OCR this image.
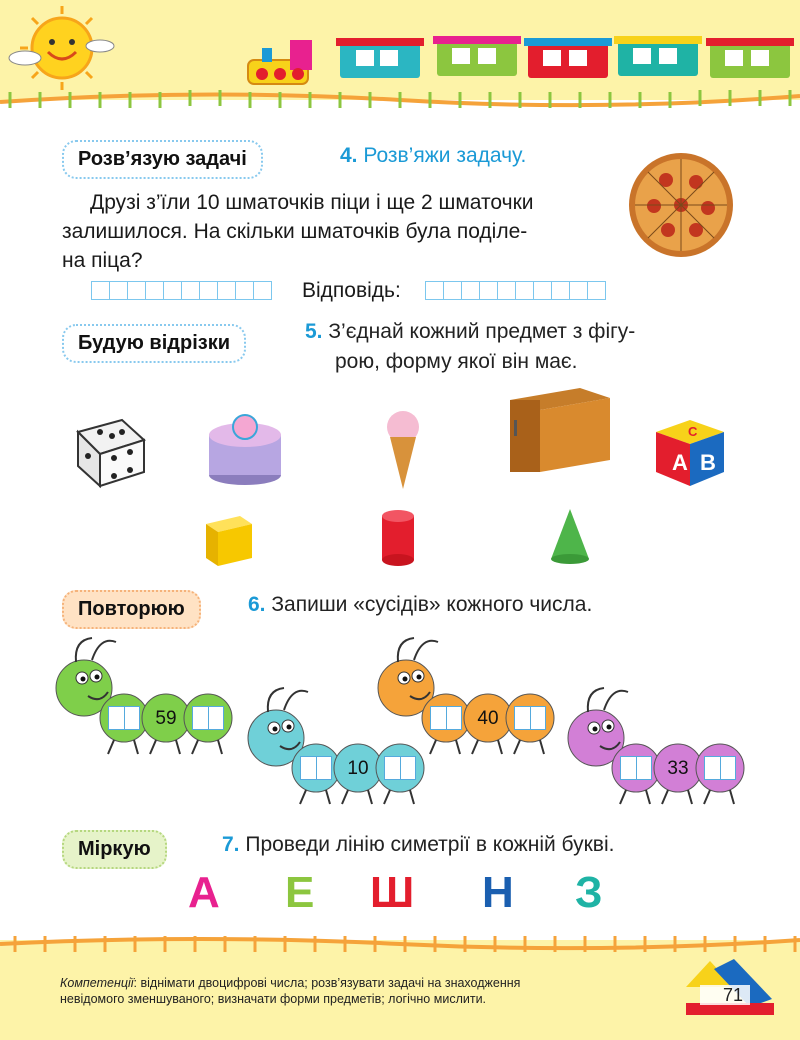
Розв’язую задачі	4. Розв’яжи задачу.
Друзі з’їли 10 шматочків піци і ще 2 шматочки
залишилося. На скільки шматочків була поділе-
на піца?
Відповідь:
Будую відрізки	5. З’єднай кожний предмет з фігу-
рою, форму якої він має.
A B
C
Повторюю	6. Запиши «сусідів» кожного числа.
59
10
40
33
Міркую	7. Проведи лінію симетрії в кожній букві.
А Е Ш Н З
Компетенції: віднімати двоцифрові числа; розв’язувати задачі на знаходження
невідомого зменшуваного; визначати форми предметів; логічно мислити.	71
